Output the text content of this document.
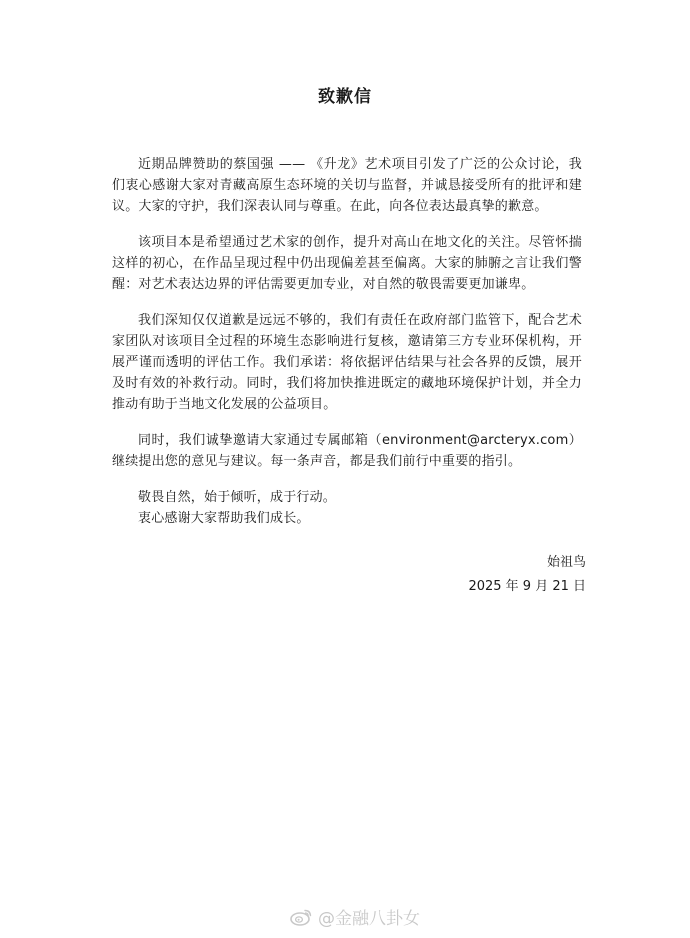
致歉信

近期品牌赞助的蔡国强 —— 《升龙》艺术项目引发了广泛的公众讨论，我们衷心感谢大家对青藏高原生态环境的关切与监督，并诚恳接受所有的批评和建议。大家的守护，我们深表认同与尊重。在此，向各位表达最真挚的歉意。

该项目本是希望通过艺术家的创作，提升对高山在地文化的关注。尽管怀揣这样的初心，在作品呈现过程中仍出现偏差甚至偏离。大家的肺腑之言让我们警醒：对艺术表达边界的评估需要更加专业，对自然的敬畏需要更加谦卑。

我们深知仅仅道歉是远远不够的，我们有责任在政府部门监管下，配合艺术家团队对该项目全过程的环境生态影响进行复核，邀请第三方专业环保机构，开展严谨而透明的评估工作。我们承诺：将依据评估结果与社会各界的反馈，展开及时有效的补救行动。同时，我们将加快推进既定的藏地环境保护计划，并全力推动有助于当地文化发展的公益项目。

同时，我们诚挚邀请大家通过专属邮箱（environment@arcteryx.com）继续提出您的意见与建议。每一条声音，都是我们前行中重要的指引。

敬畏自然，始于倾听，成于行动。
衷心感谢大家帮助我们成长。
始祖鸟
2025 年 9 月 21 日
@金融八卦女
